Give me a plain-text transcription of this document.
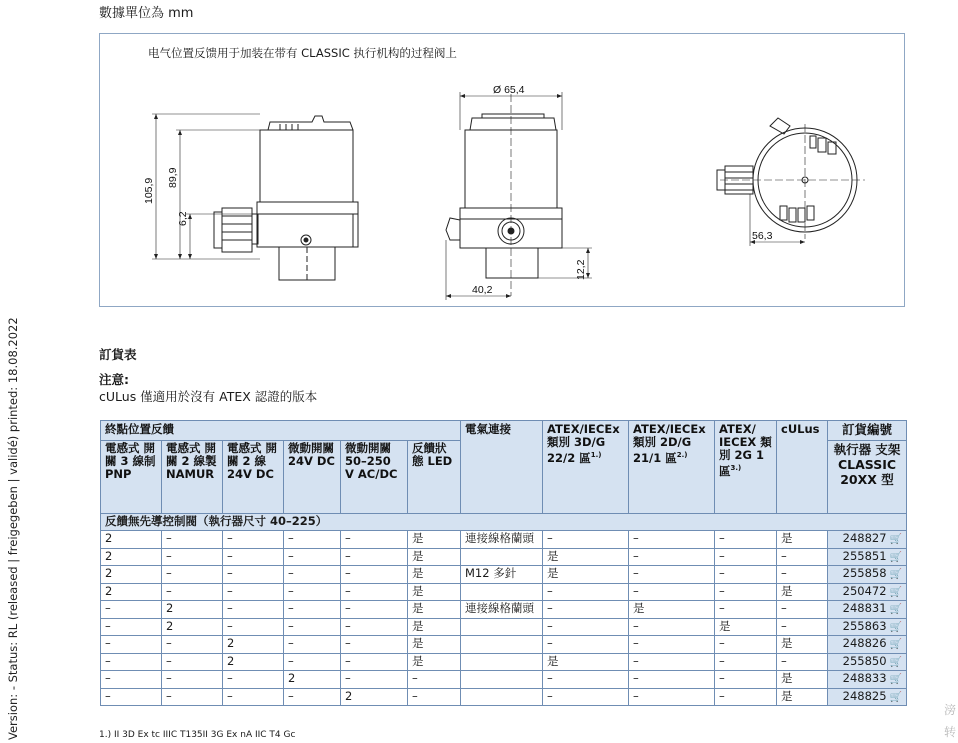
數據單位為 mm
电气位置反馈用于加装在带有 CLASSIC 执行机构的过程阀上
105,9 89,9
6,2
Ø 65,4
40,2
12,2
56,3
Version: - Status: RL (released | freigegeben | validé) printed: 18.08.2022	訂貨表
注意:
cULus 僅適用於沒有 ATEX 認證的版本
終點位置反饋						電氣連接	ATEX/IECEx 類別 3D/G 22/2 區$^{1.)}$	ATEX/IECEx 類別 2D/G 21/1 區$^{2.)}$	ATEX/ IECEX 類別 2G 1 區$^{3.)}$	cULus	訂貨編號
電感式 開關 3 線制 PNP	電感式 開關 2 線製 NAMUR	電感式 開關 2 線 24V DC	微動開關 24V DC	微動開關 50–250 V AC/DC	反饋狀態 LED						執行器 支架 CLASSIC 20XX 型
反饋無先導控制閥（執行器尺寸 40–225）											
2	–	–	–	–	是	連接線格蘭頭	–	–	–	是	248827 🛒
2	–	–	–	–	是		是	–	–	–	255851 🛒
2	–	–	–	–	是	M12 多針	是	–	–	–	255858 🛒
2	–	–	–	–	是		–	–	–	是	250472 🛒
–	2	–	–	–	是	連接線格蘭頭	–	是	–	–	248831 🛒
–	2	–	–	–	是		–	–	是	–	255863 🛒
–	–	2	–	–	是		–	–	–	是	248826 🛒
–	–	2	–	–	是		是	–	–	–	255850 🛒
–	–	–	2	–	–		–	–	–	是	248833 🛒
–	–	–	–	2	–		–	–	–	是	248825 🛒
1.) II 3D Ex tc IIIC T135II 3G Ex nA IIC T4 Gc
滂
转
